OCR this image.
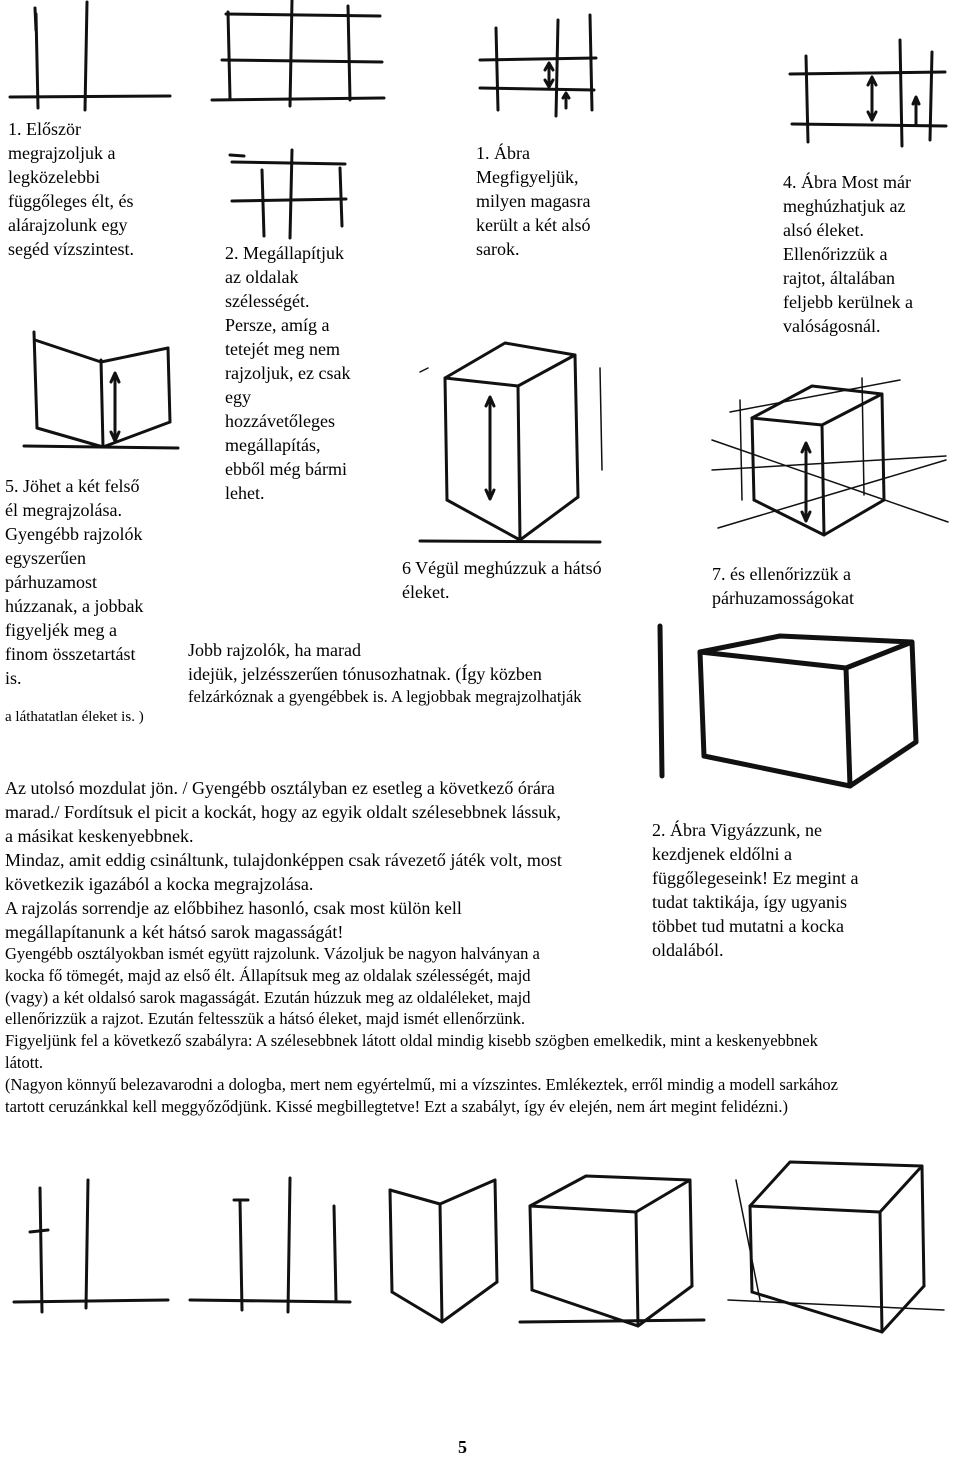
1. Először
megrajzoljuk a
legközelebbi
függőleges élt, és
alárajzolunk egy
segéd vízszintest.	2. Megállapítjuk
az oldalak
szélességét.
Persze, amíg a
tetejét meg nem
rajzoljuk, ez csak
egy
hozzávetőleges
megállapítás,
ebből még bármi
lehet.
1. Ábra
Megfigyeljük,
milyen magasra
került a két alsó
sarok.
4. Ábra Most már
meghúzhatjuk az
alsó éleket.
Ellenőrizzük a
rajtot, általában
feljebb kerülnek a
valóságosnál.
5. Jöhet a két felső
él megrajzolása.
Gyengébb rajzolók
egyszerűen
párhuzamost
húzzanak, a jobbak
figyeljék meg a
finom összetartást
is.
a láthatatlan éleket is. )
6 Végül meghúzzuk a hátsó
éleket.
7. és ellenőrizzük a
párhuzamosságokat
Jobb rajzolók, ha marad
idejük, jelzésszerűen tónusozhatnak. (Így közben
felzárkóznak a gyengébbek is. A legjobbak megrajzolhatják
2. Ábra Vigyázzunk, ne
kezdjenek eldőlni a
függőlegeseink! Ez megint a
tudat taktikája, így ugyanis
többet tud mutatni a kocka
oldalából.
Az utolsó mozdulat jön. / Gyengébb osztályban ez esetleg a következő órára
marad./ Fordítsuk el picit a kockát, hogy az egyik oldalt szélesebbnek lássuk,
a másikat keskenyebbnek.
Mindaz, amit eddig csináltunk, tulajdonképpen csak rávezető játék volt, most
következik igazából a kocka megrajzolása.
A rajzolás sorrendje az előbbihez hasonló, csak most külön kell
megállapítanunk a két hátsó sarok magasságát!
Gyengébb osztályokban ismét együtt rajzolunk. Vázoljuk be nagyon halványan a
kocka fő tömegét, majd az első élt. Állapítsuk meg az oldalak szélességét, majd
(vagy) a két oldalsó sarok magasságát. Ezután húzzuk meg az oldaléleket, majd
ellenőrizzük a rajzot. Ezután feltesszük a hátsó éleket, majd ismét ellenőrzünk.
Figyeljünk fel a következő szabályra: A szélesebbnek látott oldal mindig kisebb szögben emelkedik, mint a keskenyebbnek
látott.
(Nagyon könnyű belezavarodni a dologba, mert nem egyértelmű, mi a vízszintes. Emlékeztek, erről mindig a modell sarkához
tartott ceruzánkkal kell meggyőződjünk. Kissé megbillegtetve! Ezt a szabályt, így év elején, nem árt megint felidézni.)
5
